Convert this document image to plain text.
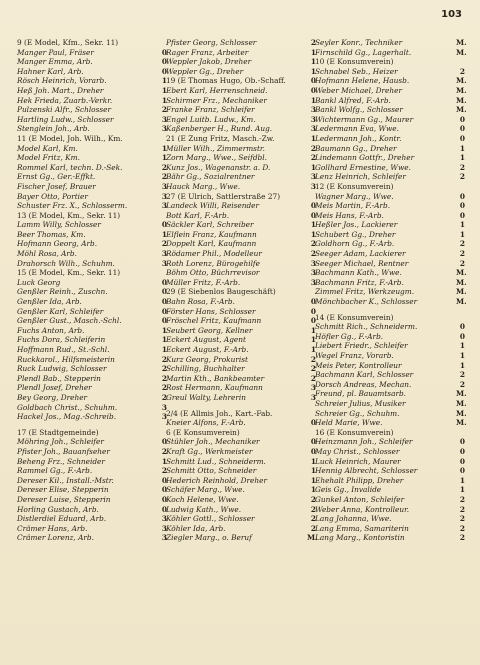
103
9 (E Model, Kfm., Sekr. 11)
Manger Paul, Fräser	0
Manger Emma, Arb.	0
Hahner Karl, Arb.	0
Rösch Heinrich, Vorarb.	1
Heß Joh. Mart., Dreher	1
Hek Frieda, Zuarb.-Verkr.	1
Pulzenski Alfr., Schlosser	2
Hartling Ludw., Schlosser	3
Stenglein Joh., Arb.	3
11 (E Model, Joh. Wilh., Km.
Model Karl, Km.	1
Model Fritz, Km.	1
Rommel Karl, techn. D.-Sek.	2
Ernst Gg., Ger.-Effkt.	2
Fischer Josef, Brauer	3
Bayer Otto, Portier	3
Schuster Frz. X., Schlosserm.	3
13 (E Model, Km., Sekr. 11)
Lamm Willy, Schlosser	0
Beer Thomas, Km.	1
Hofmann Georg, Arb.	2
Möhl Rosa, Arb.	3
Drahorsch Wilh., Schuhm.	3
15 (E Model, Km., Sekr. 11)
Luck Georg	0
Genßler Reinh., Zuschn.	0
Genßler Ida, Arb.	0
Genßler Karl, Schleifer	0
Genßler Gust., Masch.-Schl.	0
Fuchs Anton, Arb.	1
Fuchs Dora, Schleiferin	1
Hoffmann Rud., St.-Schl.	1
Ruckkarol., Hilfsmeisterin	2
Ruck Ludwig, Schlosser	2
Plendl Bab., Stepperin	2
Plendl Josef, Dreher	2
Bey Georg, Dreher	2
Goldbach Christ., Schuhm.	3
Hackel Jos., Mag.-Schreib.	3
17 (E Stadtgemeinde)
Möhring Joh., Schleifer	0
Pfister Joh., Bauanfseher	2
Beheng Frz., Schneider	1
Rammel Gg., F.-Arb.	2
Dereser Kil., Install.-Mstr.	0
Dereser Elise, Stepperin	0
Dereser Luise, Stepperin	0
Horling Gustach, Arb.	0
Distlerdiel Eduard, Arb.	3
Crämer Hans, Arb.	3
Crämer Lorenz, Arb.	3
Pfister Georg, Schlosser	2
Rager Franz, Arbeiter	1
Weppler Jakob, Dreher	1
Weppler Gg., Dreher	1
19 (E Thomas Hugo, Ob.-Schaff.	0
Ebert Karl, Herrenschneid.	0
Schirmer Frz., Mechaniker	1
Franke Franz, Schleifer	3
Engel Luitb. Ludw., Km.	3
Kaßenberger H., Rund. Aug.	3
21 (E Zung Fritz, Masch.-Zw.	1
Müller Wilh., Zimmermstr.	2
Zorn Marg., Wwe., Seifdbl.	2
Kunz Jos., Wagenanstr. a. D.	1
Bähr Gg., Sozialrentner	3
Hauck Marg., Wwe.	3
27 (E Ulrich, Sattlerstraße 27)
Landeck Willi, Reisender	0
Bott Karl, F.-Arb.	0
Säckler Karl, Schreiber	1
Elflein Franz, Kaufmann	1
Doppelt Karl, Kaufmann	2
Rödamer Phil., Modelleur	2
Roth Lorenz, Bürogehilfe	3
Böhm Otto, Büchrrevisor	3
Müller Fritz, F.-Arb.	3
29 (E Siebenlos Baugeschäft)
Bahn Rosa, F.-Arb.	0
Förster Hans, Schlosser	0
Fröschel Fritz, Kaufmann	0
Seubert Georg, Kellner	1
Eckert August, Agent	1
Eckert August, F.-Arb.	1
Kurz Georg, Prokurist	2
Schilling, Buchhalter	2
Martin Kth., Bankbeamter	2
Rost Hermann, Kaufmann	3
Greul Walty, Lehrerin	3
2/4 (E Allmis Joh., Kart.-Fab.
Kneier Alfons, F.-Arb.	0
6 (E Konsumverein)
Stühler Joh., Mechaniker	0
Kraft Gg., Werkmeister	0
Schmitt Lud., Schneiderm.	1
Schmitt Otto, Schneider	1
Hederich Reinhold, Dreher	1
Schäfer Marg., Wwe.	1
Koch Helene, Wwe.	2
Ludwig Kath., Wwe.	2
Köhler Gottl., Schlosser	2
Köhler Ida, Arb.	2
Ziegler Marg., o. Beruf	M.
Seyler Konr., Techniker	M.
Firnschild Gg., Lagerhalt.	M.
10 (E Konsumverein)
Schnabel Seb., Heizer	2
Hofmann Helene, Hausb.	M.
Weber Michael, Dreher	M.
Bankl Alfred, F.-Arb.	M.
Bankl Wolfg., Schlosser	M.
Wichtermann Gg., Maurer	0
Ledermann Eva, Wwe.	0
Ledermann Joh., Kontr.	0
Baumann Gg., Dreher	1
Lindemann Gottfr., Dreher	1
Gollhard Ernestine, Wwe.	2
Lenz Heinrich, Schleifer	2
12 (E Konsumverein)
Wagner Marg., Wwe.	0
Meis Martin, F.-Arb.	0
Meis Hans, F.-Arb.	0
Heßler Jos., Lackierer	1
Schubert Gg., Dreher	1
Goldhorn Gg., F.-Arb.	2
Seeger Adam, Lackierer	2
Seeger Michael, Rentner	2
Bachmann Kath., Wwe.	M.
Bachmann Fritz, F.-Arb.	M.
Zimmel Fritz, Werkzeugm.	M.
Mönchbacher K., Schlosser	M.
14 (E Konsumverein)
Schmitt Rich., Schneiderm.	0
Höfler Gg., F.-Arb.	0
Liebert Friedr., Schleifer	1
Wegel Franz, Vorarb.	1
Meis Peter, Kontrolleur	1
Bachmann Karl, Schlosser	2
Dorsch Andreas, Mechan.	2
Freund, pl. Bauamtsarb.	M.
Schreier Julius, Musiker	M.
Schreier Gg., Schuhm.	M.
Held Marie, Wwe.	M.
16 (E Konsumverein)
Heinzmann Joh., Schleifer	0
May Christ., Schlosser	0
Luck Heinrich, Maurer	0
Hennig Albrecht, Schlosser	0
Ehehalt Philipp, Dreher	1
Geis Gg., Invalide	1
Gunkel Anton, Schleifer	2
Weber Anna, Kontrolleur.	2
Lang Johanna, Wwe.	2
Lang Emma, Samariterin	2
Lang Marg., Kontoristin	2
